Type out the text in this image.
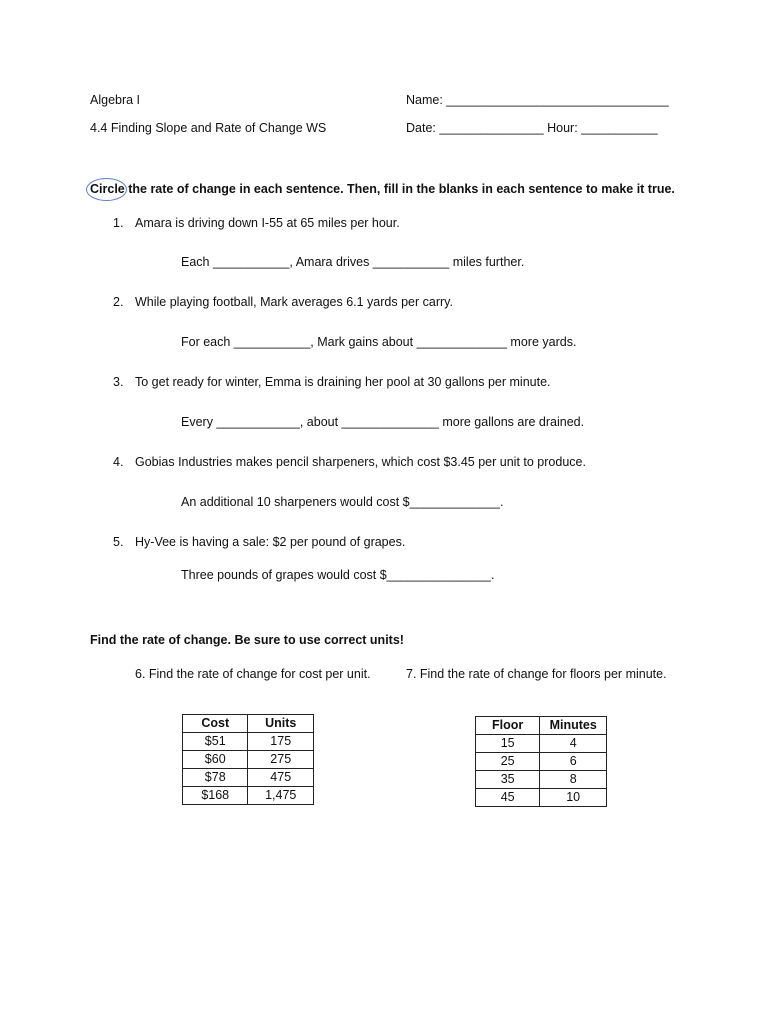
Algebra I
4.4 Finding Slope and Rate of Change WS
Name: ________________________________
Date: _______________ Hour: ___________
Circle
the rate of change in each sentence. Then, fill in the blanks in each sentence to make it true.
1. Amara is driving down I-55 at 65 miles per hour.
Each ___________, Amara drives ___________ miles further.
2. While playing football, Mark averages 6.1 yards per carry.
For each ___________, Mark gains about _____________ more yards.
3. To get ready for winter, Emma is draining her pool at 30 gallons per minute.
Every ____________, about ______________ more gallons are drained.
4. Gobias Industries makes pencil sharpeners, which cost $3.45 per unit to produce.
An additional 10 sharpeners would cost $_____________.
5. Hy-Vee is having a sale: $2 per pound of grapes.
Three pounds of grapes would cost $_______________.
Find the rate of change. Be sure to use correct units!
6. Find the rate of change for cost per unit.	7. Find the rate of change for floors per minute.
Cost	Units
$51	175
$60	275
$78	475
$168	1,475
Floor	Minutes
15	4
25	6
35	8
45	10
